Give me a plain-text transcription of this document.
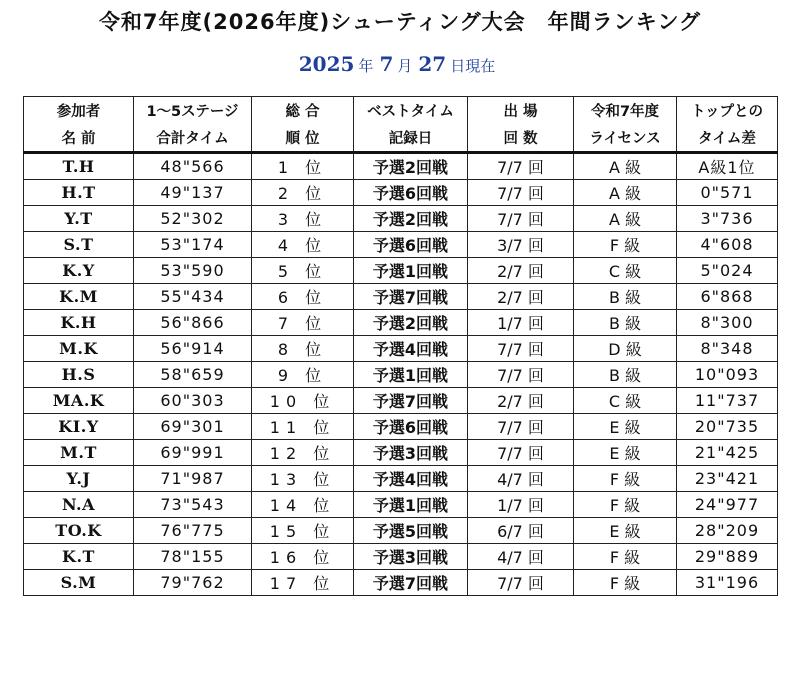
令和7年度(2026年度)シューティング大会　年間ランキング
2025 年 7 月 27 日現在
参加者	1～5ステージ	総 合	ベストタイム	出 場	令和7年度	トップとの
名 前	合計タイム	順 位	記録日	回 数	ライセンス	タイム差
T.H	48"566	1 位	予選2回戦	7/7 回	A 級	A級1位
H.T	49"137	2 位	予選6回戦	7/7 回	A 級	0"571
Y.T	52"302	3 位	予選2回戦	7/7 回	A 級	3"736
S.T	53"174	4 位	予選6回戦	3/7 回	F 級	4"608
K.Y	53"590	5 位	予選1回戦	2/7 回	C 級	5"024
K.M	55"434	6 位	予選7回戦	2/7 回	B 級	6"868
K.H	56"866	7 位	予選2回戦	1/7 回	B 級	8"300
M.K	56"914	8 位	予選4回戦	7/7 回	D 級	8"348
H.S	58"659	9 位	予選1回戦	7/7 回	B 級	10"093
MA.K	60"303	10 位	予選7回戦	2/7 回	C 級	11"737
KI.Y	69"301	11 位	予選6回戦	7/7 回	E 級	20"735
M.T	69"991	12 位	予選3回戦	7/7 回	E 級	21"425
Y.J	71"987	13 位	予選4回戦	4/7 回	F 級	23"421
N.A	73"543	14 位	予選1回戦	1/7 回	F 級	24"977
TO.K	76"775	15 位	予選5回戦	6/7 回	E 級	28"209
K.T	78"155	16 位	予選3回戦	4/7 回	F 級	29"889
S.M	79"762	17 位	予選7回戦	7/7 回	F 級	31"196
